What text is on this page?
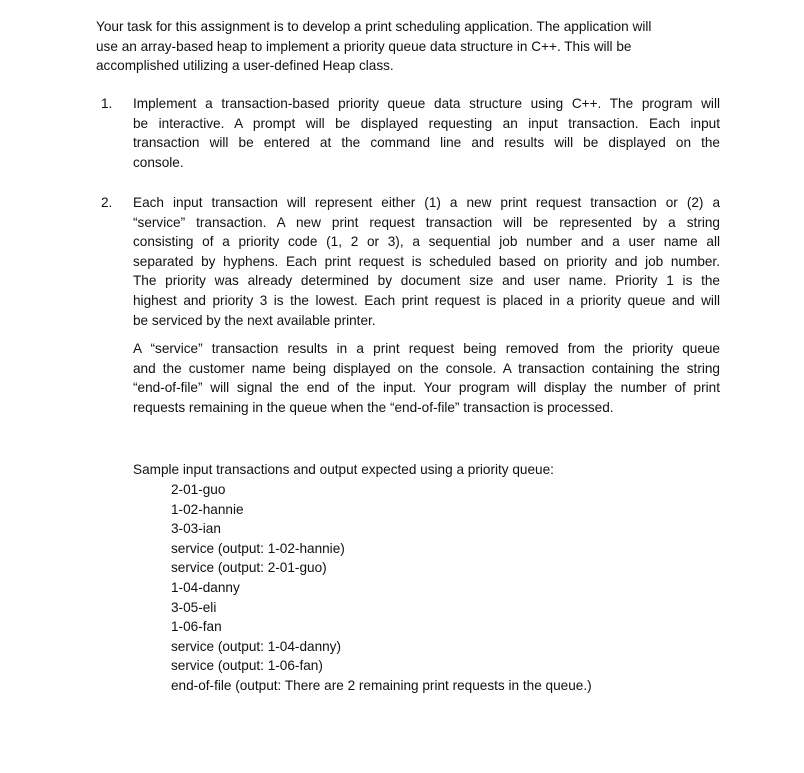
Your task for this assignment is to develop a print scheduling application. The application will
use an array-based heap to implement a priority queue data structure in C++. This will be
accomplished utilizing a user-defined Heap class.
1. Implement a transaction-based priority queue data structure using C++. The program will
be interactive. A prompt will be displayed requesting an input transaction. Each input
transaction will be entered at the command line and results will be displayed on the
console.
2. Each input transaction will represent either (1) a new print request transaction or (2) a
“service” transaction. A new print request transaction will be represented by a string
consisting of a priority code (1, 2 or 3), a sequential job number and a user name all
separated by hyphens. Each print request is scheduled based on priority and job number.
The priority was already determined by document size and user name. Priority 1 is the
highest and priority 3 is the lowest. Each print request is placed in a priority queue and will
be serviced by the next available printer.
A “service” transaction results in a print request being removed from the priority queue
and the customer name being displayed on the console. A transaction containing the string
“end-of-file” will signal the end of the input. Your program will display the number of print
requests remaining in the queue when the “end-of-file” transaction is processed.
Sample input transactions and output expected using a priority queue:
2-01-guo
1-02-hannie
3-03-ian
service (output: 1-02-hannie)
service (output: 2-01-guo)
1-04-danny
3-05-eli
1-06-fan
service (output: 1-04-danny)
service (output: 1-06-fan)
end-of-file (output: There are 2 remaining print requests in the queue.)
